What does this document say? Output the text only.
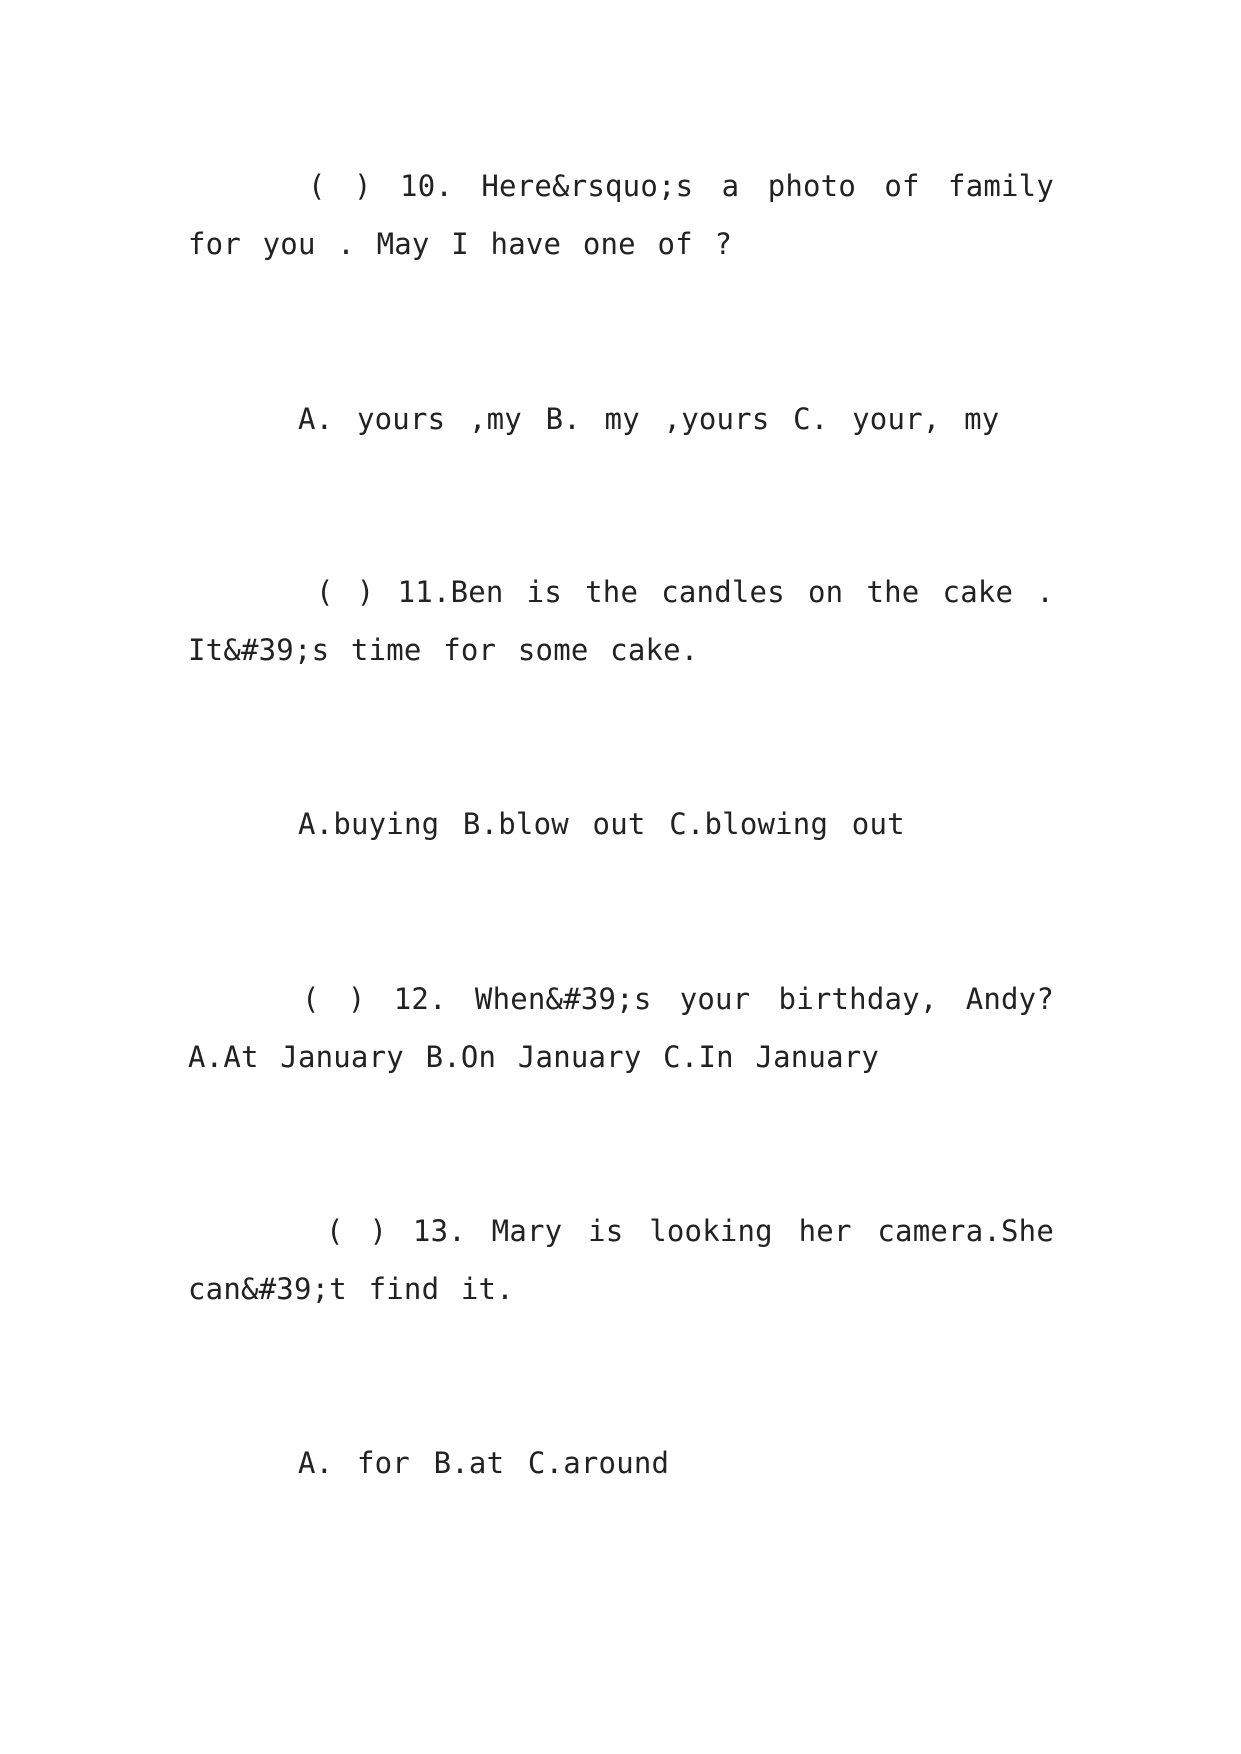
( ) 10. Here&rsquo;s a photo of family for you . May I have one of ?

A. yours ,my B. my ,yours C. your, my

( ) 11.Ben is the candles on the cake . It&#39;s time for some cake.

A.buying B.blow out C.blowing out

( ) 12. When&#39;s your birthday, Andy? A.At January B.On January C.In January

( ) 13. Mary is looking her camera.She can&#39;t find it.

A. for B.at C.around
